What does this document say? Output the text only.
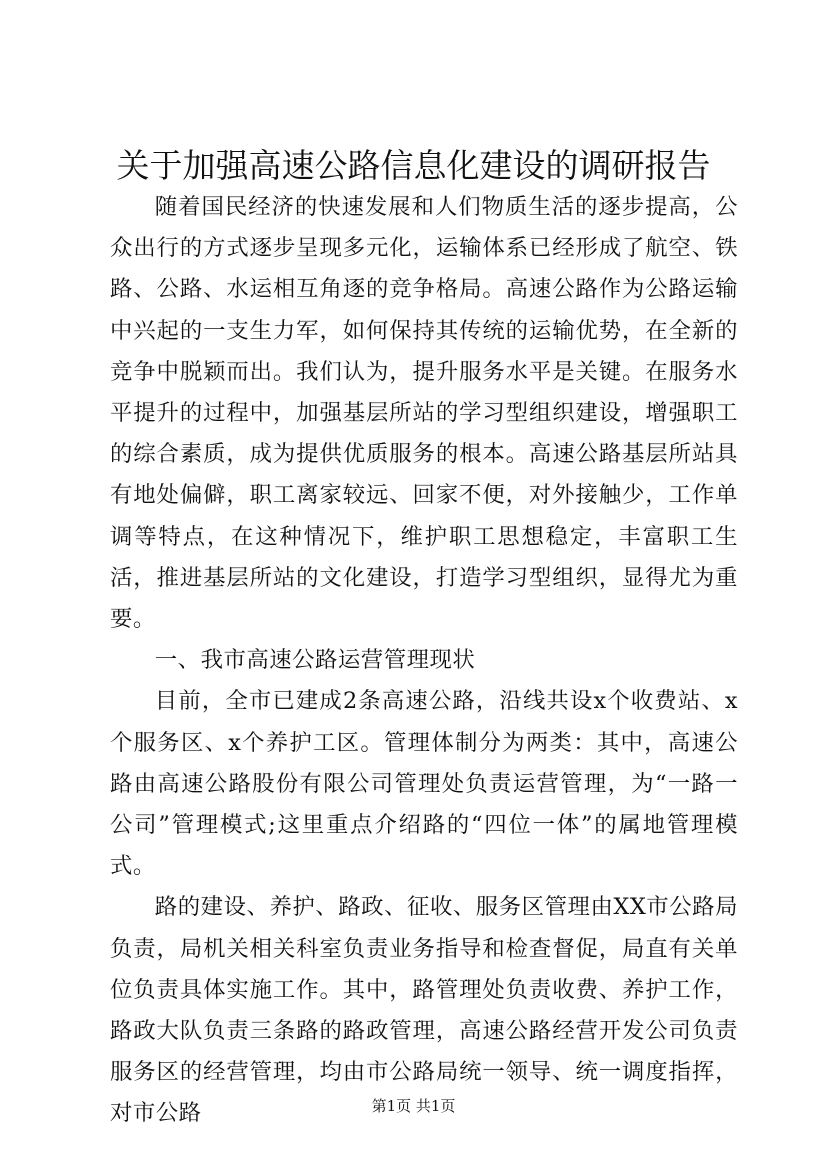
关于加强高速公路信息化建设的调研报告

随着国民经济的快速发展和人们物质生活的逐步提高，公众出行的方式逐步呈现多元化，运输体系已经形成了航空、铁路、公路、水运相互角逐的竞争格局。高速公路作为公路运输中兴起的一支生力军，如何保持其传统的运输优势，在全新的竞争中脱颖而出。我们认为，提升服务水平是关键。在服务水平提升的过程中，加强基层所站的学习型组织建设，增强职工的综合素质，成为提供优质服务的根本。高速公路基层所站具有地处偏僻，职工离家较远、回家不便，对外接触少，工作单调等特点，在这种情况下，维护职工思想稳定，丰富职工生活，推进基层所站的文化建设，打造学习型组织，显得尤为重要。

一、我市高速公路运营管理现状

目前，全市已建成2条高速公路，沿线共设x个收费站、x个服务区、x个养护工区。管理体制分为两类：其中，高速公路由高速公路股份有限公司管理处负责运营管理，为“一路一公司”管理模式;这里重点介绍路的“四位一体”的属地管理模式。

路的建设、养护、路政、征收、服务区管理由XX市公路局负责，局机关相关科室负责业务指导和检查督促，局直有关单位负责具体实施工作。其中，路管理处负责收费、养护工作，路政大队负责三条路的路政管理，高速公路经营开发公司负责服务区的经营管理，均由市公路局统一领导、统一调度指挥，对市公路	第1页 共1页
